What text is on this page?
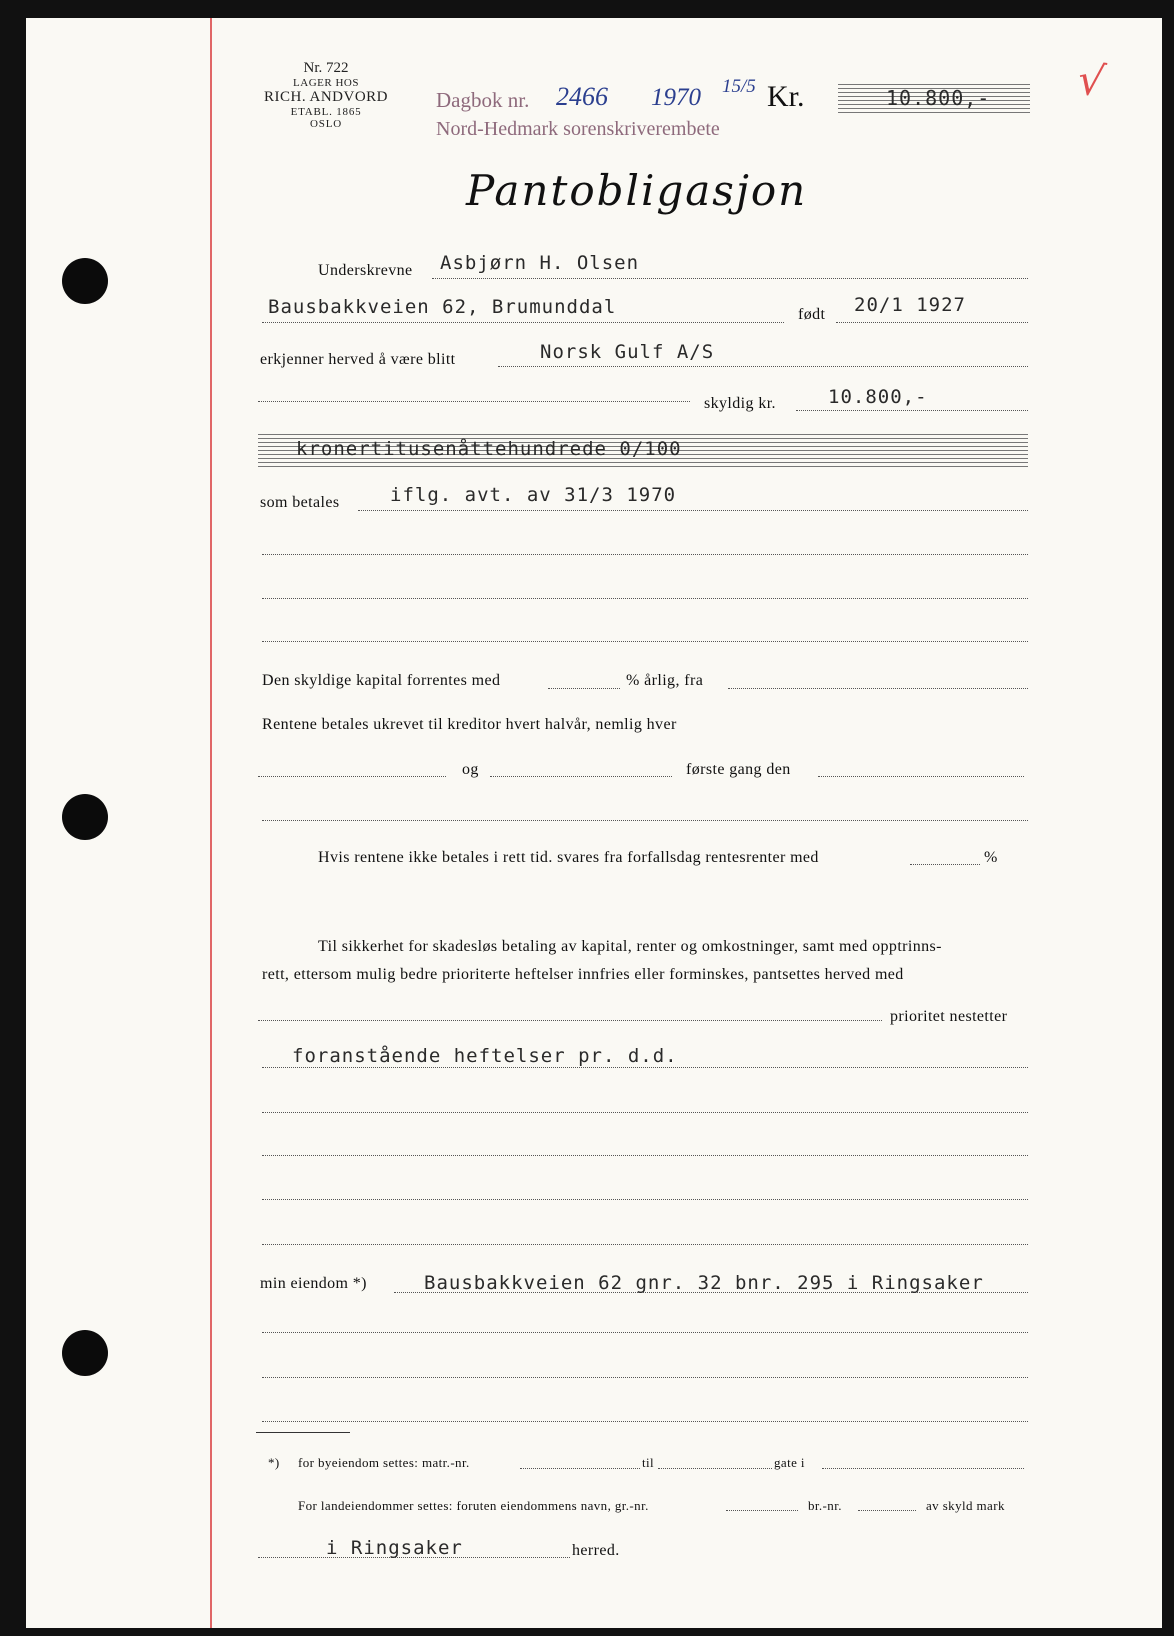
Nr. 722
LAGER HOS
RICH. ANDVORD
ETABL. 1865
OSLO
Dagbok nr. 2466 1970 15/5
Nord-Hedmark sorenskriverembete
Kr.	10.800,- √
Pantobligasjon
Underskrevne Asbjørn H. Olsen
Bausbakkveien 62, Brumunddal	født 20/1 1927
erkjenner herved å være blitt	Norsk Gulf A/S
skyldig kr.	10.800,-
kronertitusenåttehundrede 0/100
som betales	iflg. avt. av 31/3 1970
Den skyldige kapital forrentes med	% årlig, fra
Rentene betales ukrevet til kreditor hvert halvår, nemlig hver
og	første gang den
Hvis rentene ikke betales i rett tid. svares fra forfallsdag rentesrenter med	%
Til sikkerhet for skadesløs betaling av kapital, renter og omkostninger, samt med opptrinns-
rett, ettersom mulig bedre prioriterte heftelser innfries eller forminskes, pantsettes herved med
prioritet nestetter
foranstående heftelser pr. d.d.
min eiendom *)	Bausbakkveien 62 gnr. 32 bnr. 295 i Ringsaker
*) for byeiendom settes: matr.-nr.	til	gate i
For landeiendommer settes: foruten eiendommens navn, gr.-nr.	br.-nr.	av skyld mark
i Ringsaker	herred.
